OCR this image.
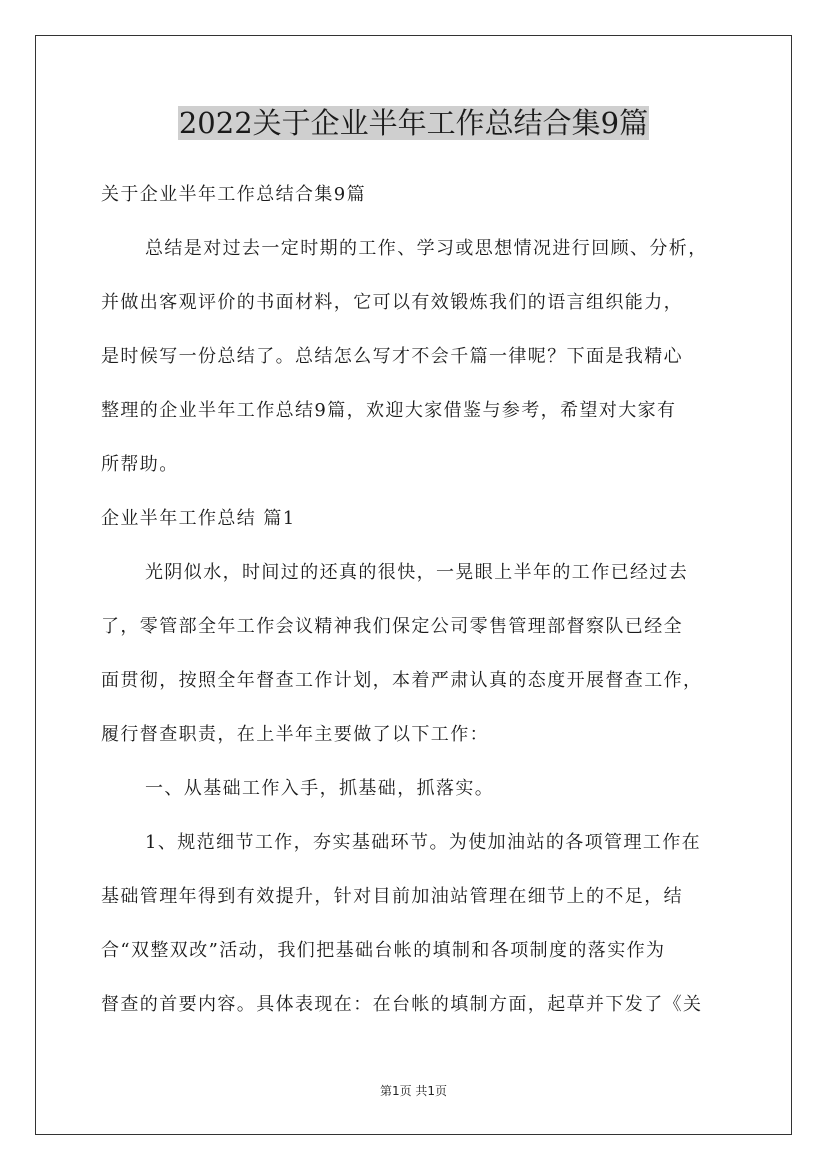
2022关于企业半年工作总结合集9篇

关于企业半年工作总结合集9篇

总结是对过去一定时期的工作、学习或思想情况进行回顾、分析，

并做出客观评价的书面材料，它可以有效锻炼我们的语言组织能力，

是时候写一份总结了。总结怎么写才不会千篇一律呢？下面是我精心

整理的企业半年工作总结9篇，欢迎大家借鉴与参考，希望对大家有

所帮助。

企业半年工作总结 篇1

光阴似水，时间过的还真的很快，一晃眼上半年的工作已经过去

了，零管部全年工作会议精神我们保定公司零售管理部督察队已经全

面贯彻，按照全年督查工作计划，本着严肃认真的态度开展督查工作，

履行督查职责，在上半年主要做了以下工作：

一、从基础工作入手，抓基础，抓落实。

1、规范细节工作，夯实基础环节。为使加油站的各项管理工作在

基础管理年得到有效提升，针对目前加油站管理在细节上的不足，结

合“双整双改”活动，我们把基础台帐的填制和各项制度的落实作为

督查的首要内容。具体表现在：在台帐的填制方面，起草并下发了《关

第1页 共1页
